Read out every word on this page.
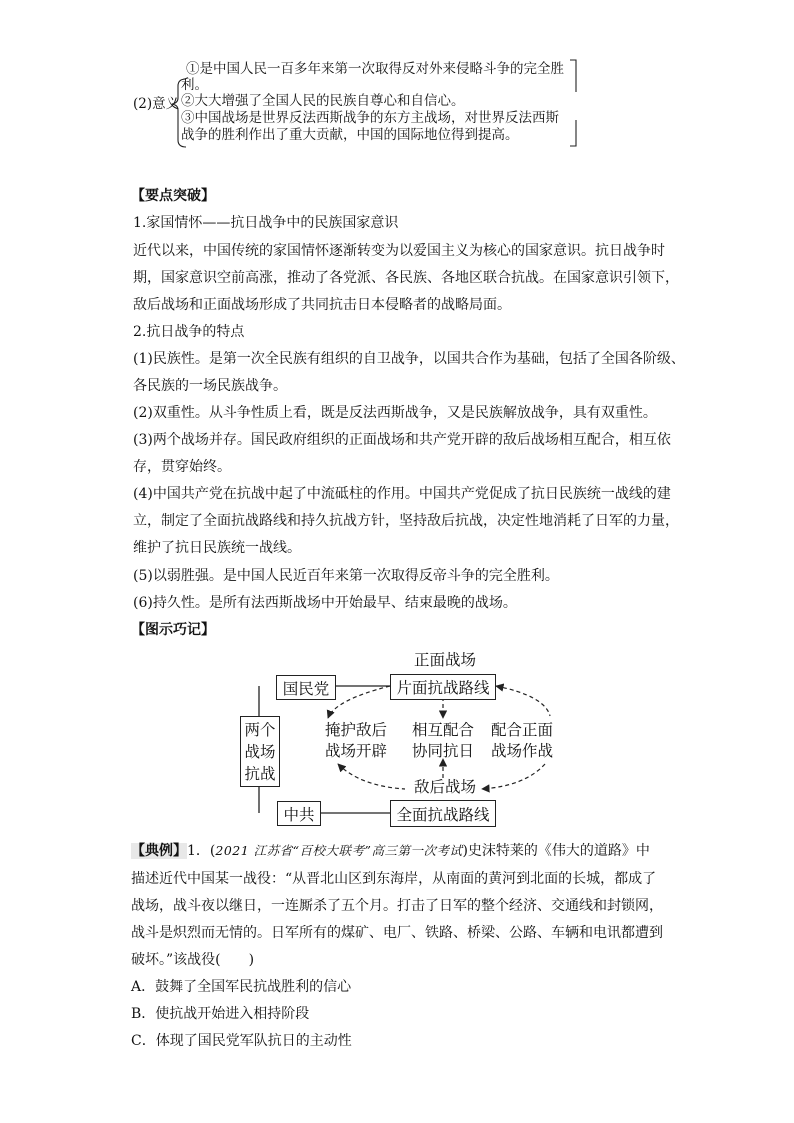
(2)意义
①是中国人民一百多年来第一次取得反对外来侵略斗争的完全胜
利。
②大大增强了全国人民的民族自尊心和自信心。
③中国战场是世界反法西斯战争的东方主战场，对世界反法西斯
战争的胜利作出了重大贡献，中国的国际地位得到提高。
【要点突破】
1.家国情怀——抗日战争中的民族国家意识
近代以来，中国传统的家国情怀逐渐转变为以爱国主义为核心的国家意识。抗日战争时
期，国家意识空前高涨，推动了各党派、各民族、各地区联合抗战。在国家意识引领下，
敌后战场和正面战场形成了共同抗击日本侵略者的战略局面。
2.抗日战争的特点
(1)民族性。是第一次全民族有组织的自卫战争，以国共合作为基础，包括了全国各阶级、
各民族的一场民族战争。
(2)双重性。从斗争性质上看，既是反法西斯战争，又是民族解放战争，具有双重性。
(3)两个战场并存。国民政府组织的正面战场和共产党开辟的敌后战场相互配合，相互依
存，贯穿始终。
(4)中国共产党在抗战中起了中流砥柱的作用。中国共产党促成了抗日民族统一战线的建
立，制定了全面抗战路线和持久抗战方针，坚持敌后抗战，决定性地消耗了日军的力量，
维护了抗日民族统一战线。
(5)以弱胜强。是中国人民近百年来第一次取得反帝斗争的完全胜利。
(6)持久性。是所有法西斯战场中开始最早、结束最晚的战场。
【图示巧记】
正面战场
国民党	片面抗战路线
两个
战场
抗战
掩护敌后
战场开辟
相互配合
协同抗日
配合正面
战场作战
敌后战场
中共	全面抗战路线
【典例】1．(2021 江苏省“百校大联考”高三第一次考试)史沫特莱的《伟大的道路》中
描述近代中国某一战役：“从晋北山区到东海岸，从南面的黄河到北面的长城，都成了
战场，战斗夜以继日，一连厮杀了五个月。打击了日军的整个经济、交通线和封锁网，
战斗是炽烈而无情的。日军所有的煤矿、电厂、铁路、桥梁、公路、车辆和电讯都遭到
破坏。”该战役(　　)
A．鼓舞了全国军民抗战胜利的信心
B．使抗战开始进入相持阶段
C．体现了国民党军队抗日的主动性
